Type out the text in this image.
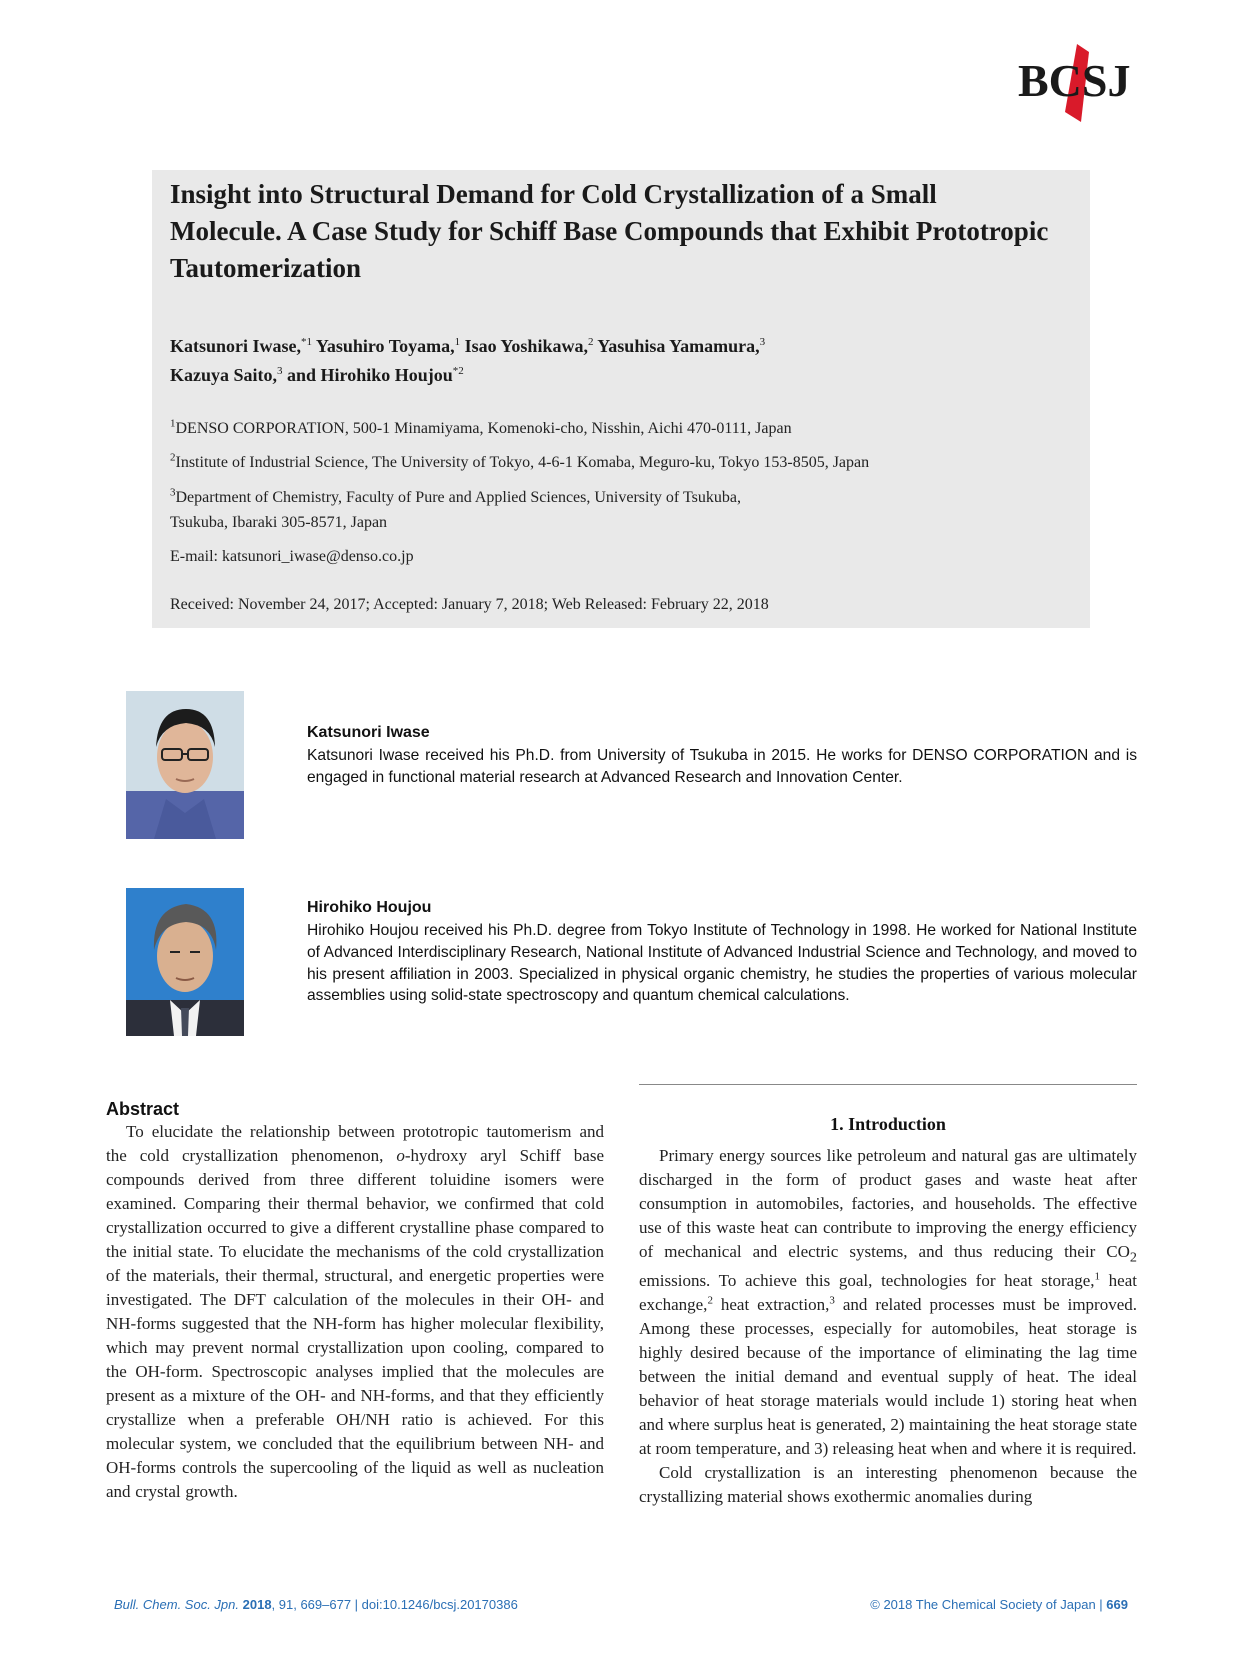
BCSJ
Insight into Structural Demand for Cold Crystallization of a Small Molecule. A Case Study for Schiff Base Compounds that Exhibit Prototropic Tautomerization
Katsunori Iwase,$^{*1}$ Yasuhiro Toyama,$^1$ Isao Yoshikawa,$^2$ Yasuhisa Yamamura,$^3$
Kazuya Saito,$^3$ and Hirohiko Houjou$^{*2}$
$^1$DENSO CORPORATION, 500-1 Minamiyama, Komenoki-cho, Nisshin, Aichi 470-0111, Japan
$^2$Institute of Industrial Science, The University of Tokyo, 4-6-1 Komaba, Meguro-ku, Tokyo 153-8505, Japan
$^3$Department of Chemistry, Faculty of Pure and Applied Sciences, University of Tsukuba,
Tsukuba, Ibaraki 305-8571, Japan
E-mail: katsunori_iwase@denso.co.jp
Received: November 24, 2017; Accepted: January 7, 2018; Web Released: February 22, 2018

Katsunori Iwase

Katsunori Iwase received his Ph.D. from University of Tsukuba in 2015. He works for DENSO CORPORATION and is engaged in functional material research at Advanced Research and Innovation Center.

Hirohiko Houjou

Hirohiko Houjou received his Ph.D. degree from Tokyo Institute of Technology in 1998. He worked for National Institute of Advanced Interdisciplinary Research, National Institute of Advanced Industrial Science and Technology, and moved to his present affiliation in 2003. Specialized in physical organic chemistry, he studies the properties of various molecular assemblies using solid-state spectroscopy and quantum chemical calculations.

Abstract

To elucidate the relationship between prototropic tautomerism and the cold crystallization phenomenon, o-hydroxy aryl Schiff base compounds derived from three different toluidine isomers were examined. Comparing their thermal behavior, we confirmed that cold crystallization occurred to give a different crystalline phase compared to the initial state. To elucidate the mechanisms of the cold crystallization of the materials, their thermal, structural, and energetic properties were investigated. The DFT calculation of the molecules in their OH- and NH-forms suggested that the NH-form has higher molecular flexibility, which may prevent normal crystallization upon cooling, compared to the OH-form. Spectroscopic analyses implied that the molecules are present as a mixture of the OH- and NH-forms, and that they efficiently crystallize when a preferable OH/NH ratio is achieved. For this molecular system, we concluded that the equilibrium between NH- and OH-forms controls the supercooling of the liquid as well as nucleation and crystal growth.

1. Introduction

Primary energy sources like petroleum and natural gas are ultimately discharged in the form of product gases and waste heat after consumption in automobiles, factories, and households. The effective use of this waste heat can contribute to improving the energy efficiency of mechanical and electric systems, and thus reducing their $CO_2$ emissions. To achieve this goal, technologies for heat storage,$^1$ heat exchange,$^2$ heat extraction,$^3$ and related processes must be improved. Among these processes, especially for automobiles, heat storage is highly desired because of the importance of eliminating the lag time between the initial demand and eventual supply of heat. The ideal behavior of heat storage materials would include 1) storing heat when and where surplus heat is generated, 2) maintaining the heat storage state at room temperature, and 3) releasing heat when and where it is required.

Cold crystallization is an interesting phenomenon because the crystallizing material shows exothermic anomalies during

Bull. Chem. Soc. Jpn. 2018, 91, 669–677 | doi:10.1246/bcsj.20170386	© 2018 The Chemical Society of Japan | 669
